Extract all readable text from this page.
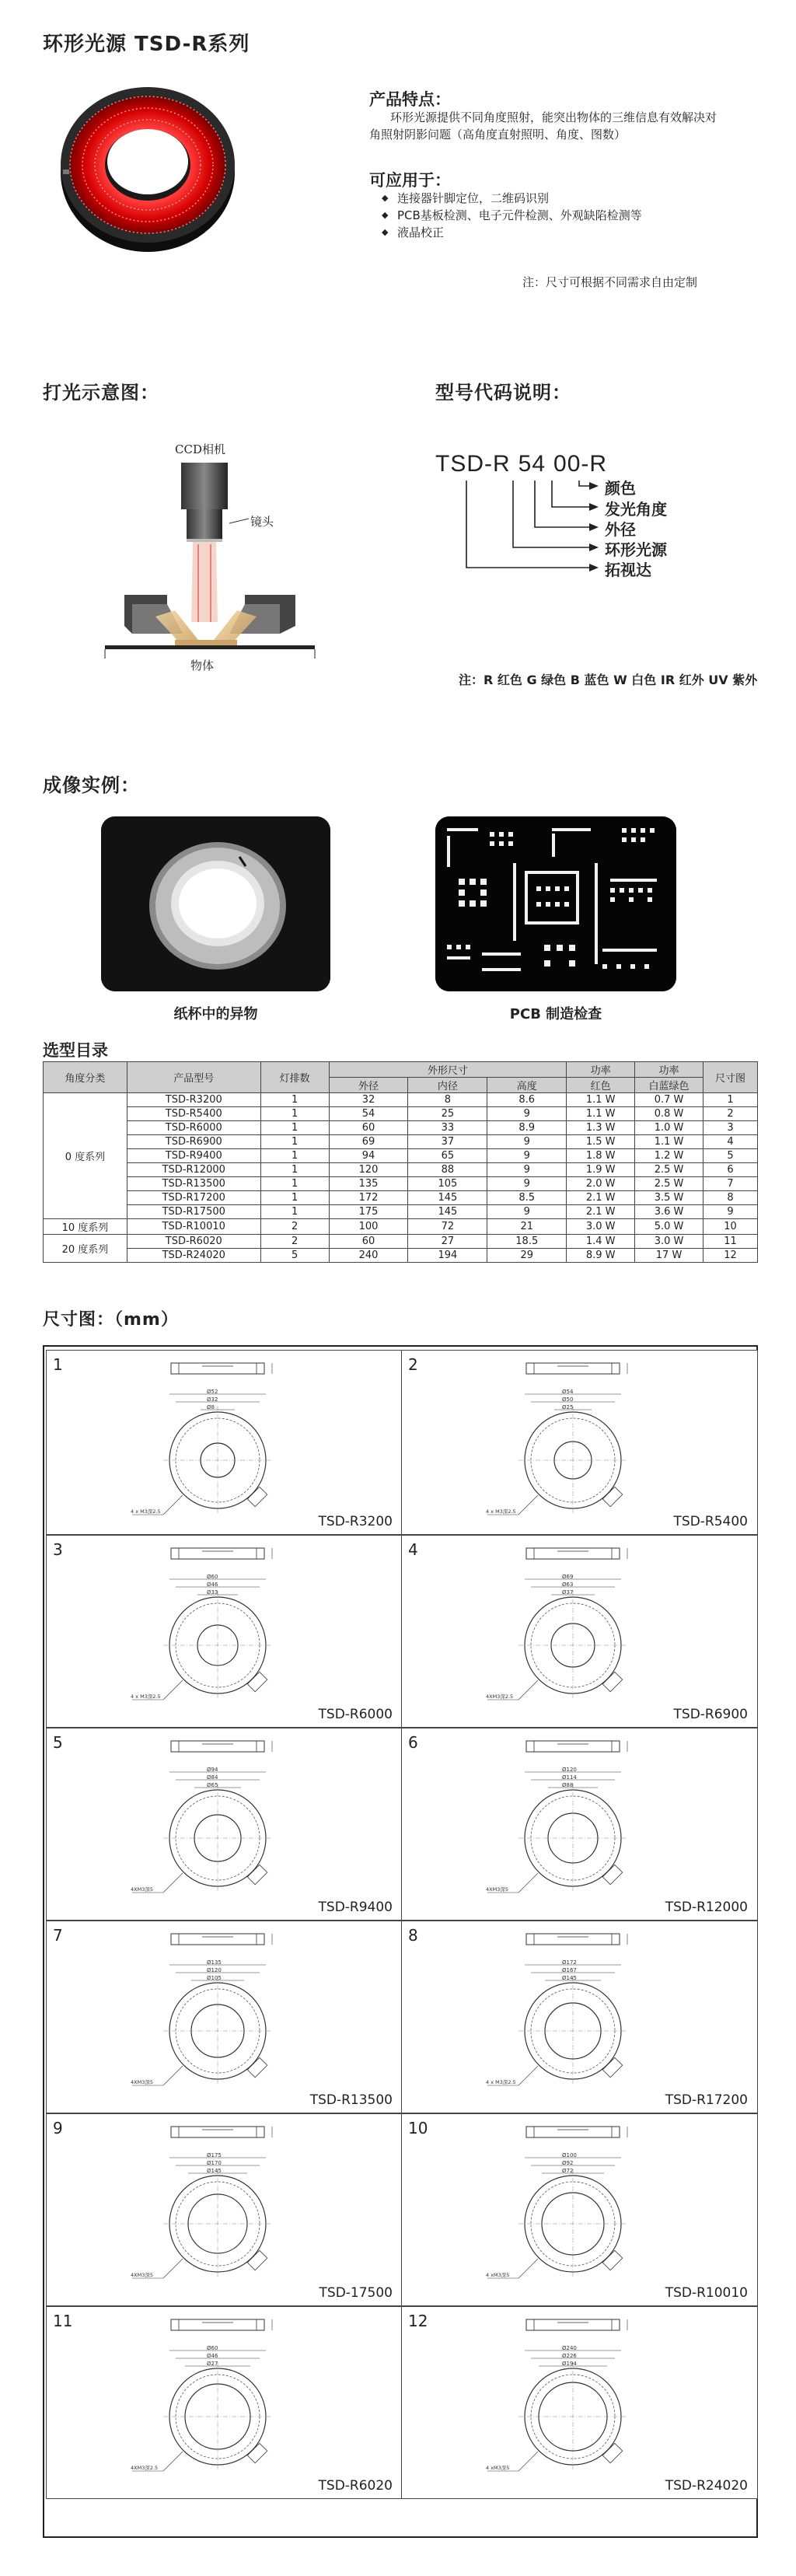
环形光源 TSD-R系列
产品特点：
环形光源提供不同角度照射，能突出物体的三维信息有效解决对
角照射阴影问题（高角度直射照明、角度、图数）
可应用于：
◆ 连接器针脚定位，二维码识别
◆ PCB基板检测、电子元件检测、外观缺陷检测等
◆ 液晶校正
注：尺寸可根据不同需求自由定制
打光示意图：
CCD相机
镜头
物体
型号代码说明：
TSD-R 54 00-R
颜色
发光角度
外径
环形光源
拓视达
注：R 红色 G 绿色 B 蓝色 W 白色 IR 红外 UV 紫外
成像实例：
纸杯中的异物	PCB 制造检查
选型目录
角度分类	产品型号	灯排数	外形尺寸			功率	功率	尺寸图
			外径	内径	高度	红色	白蓝绿色	
0 度系列	TSD-R3200	1	32	8	8.6	1.1 W	0.7 W	1
	TSD-R5400	1	54	25	9	1.1 W	0.8 W	2
	TSD-R6000	1	60	33	8.9	1.3 W	1.0 W	3
	TSD-R6900	1	69	37	9	1.5 W	1.1 W	4
	TSD-R9400	1	94	65	9	1.8 W	1.2 W	5
	TSD-R12000	1	120	88	9	1.9 W	2.5 W	6
	TSD-R13500	1	135	105	9	2.0 W	2.5 W	7
	TSD-R17200	1	172	145	8.5	2.1 W	3.5 W	8
	TSD-R17500	1	175	145	9	2.1 W	3.6 W	9
10 度系列	TSD-R10010	2	100	72	21	3.0 W	5.0 W	10
20 度系列	TSD-R6020	2	60	27	18.5	1.4 W	3.0 W	11
	TSD-R24020	5	240	194	29	8.9 W	17 W	12
尺寸图：（mm）
1
Ø52
Ø32
Ø8
4 x M3深2.5
TSD-R3200
2
Ø54
Ø50
Ø25
4 x M3深2.5
TSD-R5400
3
Ø60
Ø46
Ø33
4 x M3深2.5
TSD-R6000
4
Ø69
Ø63
Ø37
4XM3深2.5
TSD-R6900
5
Ø94
Ø84
Ø65
4XM3深5
TSD-R9400
6
Ø120
Ø114
Ø88
4XM3深5
TSD-R12000
7
Ø135
Ø120
Ø105
4XM3深5
TSD-R13500
8
Ø172
Ø167
Ø145
4 x M3深2.5
TSD-R17200
9
Ø175
Ø170
Ø145
4XM3深5
TSD-17500
10
Ø100
Ø92
Ø72
4 xM3深5
TSD-R10010
11
Ø60
Ø46
Ø27
4XM3深2.5
TSD-R6020
12
Ø240
Ø226
Ø194
4 xM3深5
TSD-R24020
